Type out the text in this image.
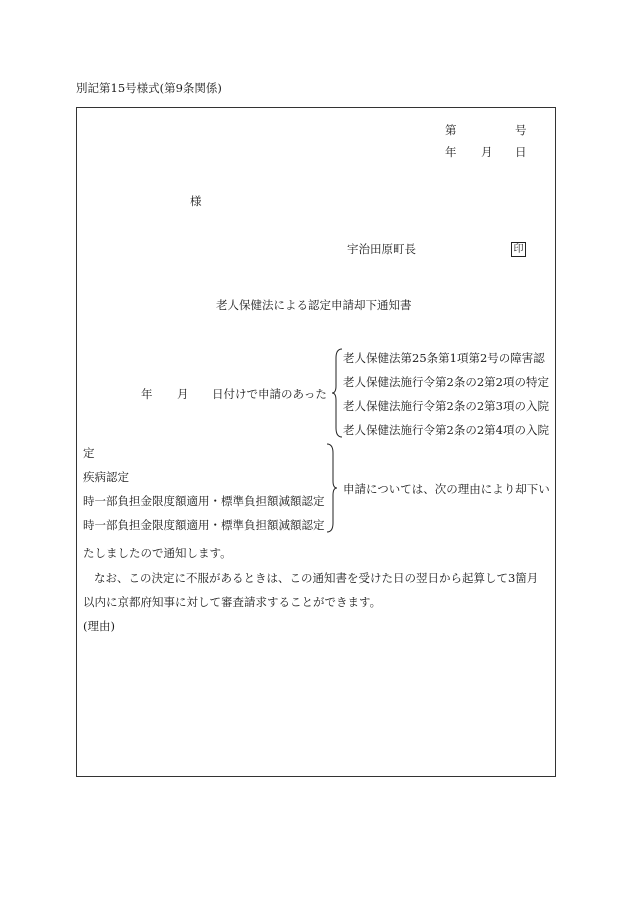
別記第15号様式(第9条関係)
第	号
年 月 日
様
宇治田原町長	印
老人保健法による認定申請却下通知書
老人保健法第25条第1項第2号の障害認
老人保健法施行令第2条の2第2項の特定
老人保健法施行令第2条の2第3項の入院
老人保健法施行令第2条の2第4項の入院
年 月 日付けで申請のあった
定
疾病認定
時一部負担金限度額適用・標準負担額減額認定
時一部負担金限度額適用・標準負担額減額認定
申請については、次の理由により却下い
たしましたので通知します。
なお、この決定に不服があるときは、この通知書を受けた日の翌日から起算して3箇月
以内に京都府知事に対して審査請求することができます。
(理由)
